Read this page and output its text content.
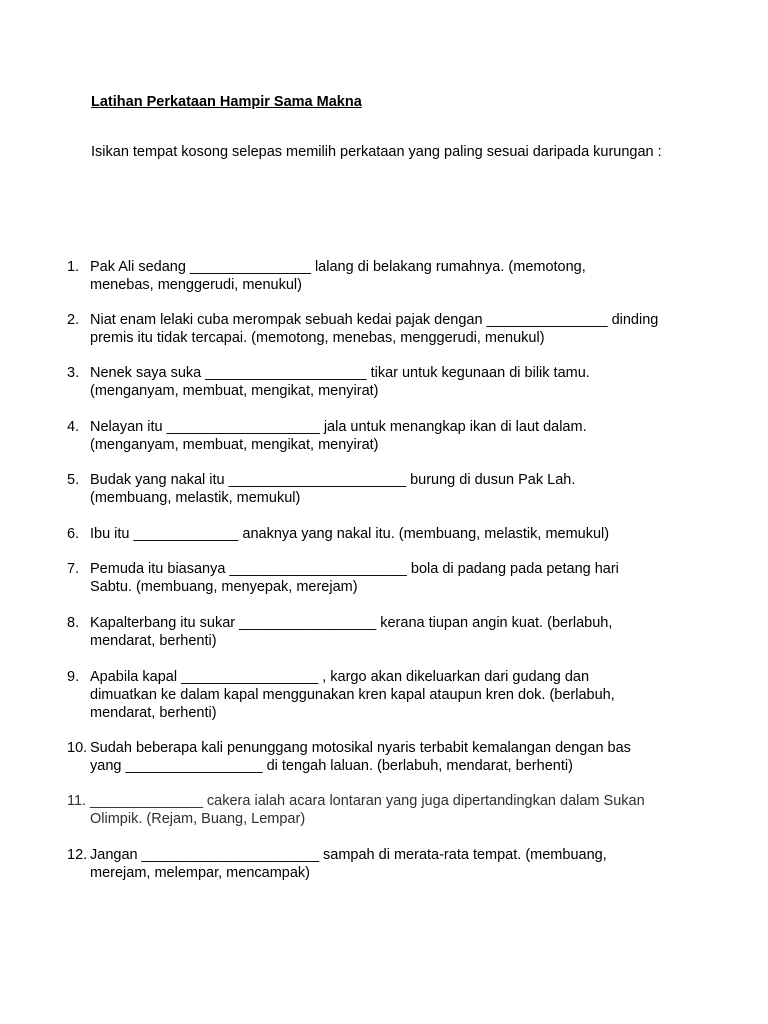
Latihan Perkataan Hampir Sama Makna
Isikan tempat kosong selepas memilih perkataan yang paling sesuai daripada kurungan :
1. Pak Ali sedang _______________ lalang di belakang rumahnya. (memotong,
menebas, menggerudi, menukul)
2. Niat enam lelaki cuba merompak sebuah kedai pajak dengan _______________ dinding
premis itu tidak tercapai. (memotong, menebas, menggerudi, menukul)
3. Nenek saya suka ____________________ tikar untuk kegunaan di bilik tamu.
(menganyam, membuat, mengikat, menyirat)
4. Nelayan itu ___________________ jala untuk menangkap ikan di laut dalam.
(menganyam, membuat, mengikat, menyirat)
5. Budak yang nakal itu ______________________ burung di dusun Pak Lah.
(membuang, melastik, memukul)
6. Ibu itu _____________ anaknya yang nakal itu. (membuang, melastik, memukul)
7. Pemuda itu biasanya ______________________ bola di padang pada petang hari
Sabtu. (membuang, menyepak, merejam)
8. Kapalterbang itu sukar _________________ kerana tiupan angin kuat. (berlabuh,
mendarat, berhenti)
9. Apabila kapal _________________ , kargo akan dikeluarkan dari gudang dan
dimuatkan ke dalam kapal menggunakan kren kapal ataupun kren dok. (berlabuh,
mendarat, berhenti)
10. Sudah beberapa kali penunggang motosikal nyaris terbabit kemalangan dengan bas
yang _________________ di tengah laluan. (berlabuh, mendarat, berhenti)
11. ______________ cakera ialah acara lontaran yang juga dipertandingkan dalam Sukan
Olimpik. (Rejam, Buang, Lempar)
12. Jangan ______________________ sampah di merata-rata tempat. (membuang,
merejam, melempar, mencampak)
